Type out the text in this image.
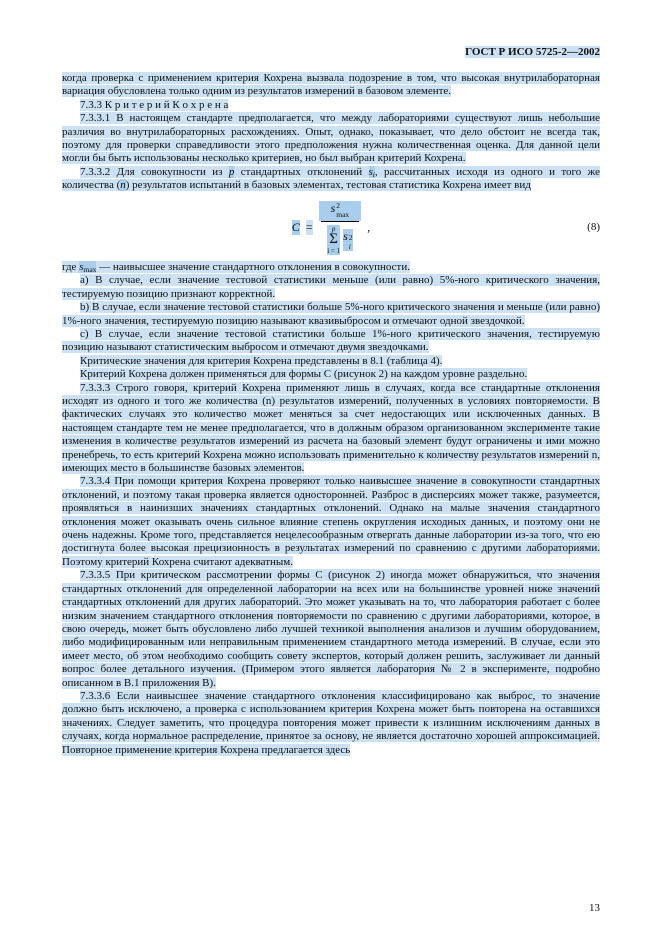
ГОСТ Р ИСО 5725-2—2002

когда проверка с применением критерия Кохрена вызвала подозрение в том, что высокая внутрилабораторная вариация обусловлена только одним из результатов измерений в базовом элементе.

7.3.3 К р и т е р и й К о х р е н а

7.3.3.1 В настоящем стандарте предполагается, что между лабораториями существуют лишь небольшие различия во внутрилабораторных расхождениях. Опыт, однако, показывает, что дело обстоит не всегда так, поэтому для проверки справедливости этого предположения нужна количественная оценка. Для данной цели могли бы быть использованы несколько критериев, но был выбран критерий Кохрена.

7.3.3.2 Для совокупности из p стандартных отклонений $s_i$, рассчитанных исходя из одного и того же количества (n) результатов испытаний в базовых элементах, тестовая статистика Кохрена имеет вид

C = s 2
max
p
Σ
i = 1
s 2
i ,	(8)

где $s_{max}$ — наивысшее значение стандартного отклонения в совокупности.

a) В случае, если значение тестовой статистики меньше (или равно) 5%-ного критического значения, тестируемую позицию признают корректной.

b) В случае, если значение тестовой статистики больше 5%-ного критического значения и меньше (или равно) 1%-ного значения, тестируемую позицию называют квазивыбросом и отмечают одной звездочкой.

c) В случае, если значение тестовой статистики больше 1%-ного критического значения, тестируемую позицию называют статистическим выбросом и отмечают двумя звездочками.

Критические значения для критерия Кохрена представлены в 8.1 (таблица 4).

Критерий Кохрена должен применяться для формы C (рисунок 2) на каждом уровне раздельно.

7.3.3.3 Строго говоря, критерий Кохрена применяют лишь в случаях, когда все стандартные отклонения исходят из одного и того же количества (n) результатов измерений, полученных в условиях повторяемости. В фактических случаях это количество может меняться за счет недостающих или исключенных данных. В настоящем стандарте тем не менее предполагается, что в должным образом организованном эксперименте такие изменения в количестве результатов измерений из расчета на базовый элемент будут ограничены и ими можно пренебречь, то есть критерий Кохрена можно использовать применительно к количеству результатов измерений n, имеющих место в большинстве базовых элементов.

7.3.3.4 При помощи критерия Кохрена проверяют только наивысшее значение в совокупности стандартных отклонений, и поэтому такая проверка является односторонней. Разброс в дисперсиях может также, разумеется, проявляться в наинизших значениях стандартных отклонений. Однако на малые значения стандартного отклонения может оказывать очень сильное влияние степень округления исходных данных, и поэтому они не очень надежны. Кроме того, представляется нецелесообразным отвергать данные лаборатории из-за того, что ею достигнута более высокая прецизионность в результатах измерений по сравнению с другими лабораториями. Поэтому критерий Кохрена считают адекватным.

7.3.3.5 При критическом рассмотрении формы C (рисунок 2) иногда может обнаружиться, что значения стандартных отклонений для определенной лаборатории на всех или на большинстве уровней ниже значений стандартных отклонений для других лабораторий. Это может указывать на то, что лаборатория работает с более низким значением стандартного отклонения повторяемости по сравнению с другими лабораториями, которое, в свою очередь, может быть обусловлено либо лучшей техникой выполнения анализов и лучшим оборудованием, либо модифицированным или неправильным применением стандартного метода измерений. В случае, если это имеет место, об этом необходимо сообщить совету экспертов, который должен решить, заслуживает ли данный вопрос более детального изучения. (Примером этого является лаборатория № 2 в эксперименте, подробно описанном в В.1 приложения В).

7.3.3.6 Если наивысшее значение стандартного отклонения классифицировано как выброс, то значение должно быть исключено, а проверка с использованием критерия Кохрена может быть повторена на оставшихся значениях. Следует заметить, что процедура повторения может привести к излишним исключениям данных в случаях, когда нормальное распределение, принятое за основу, не является достаточно хорошей аппроксимацией. Повторное применение критерия Кохрена предлагается здесь

13
